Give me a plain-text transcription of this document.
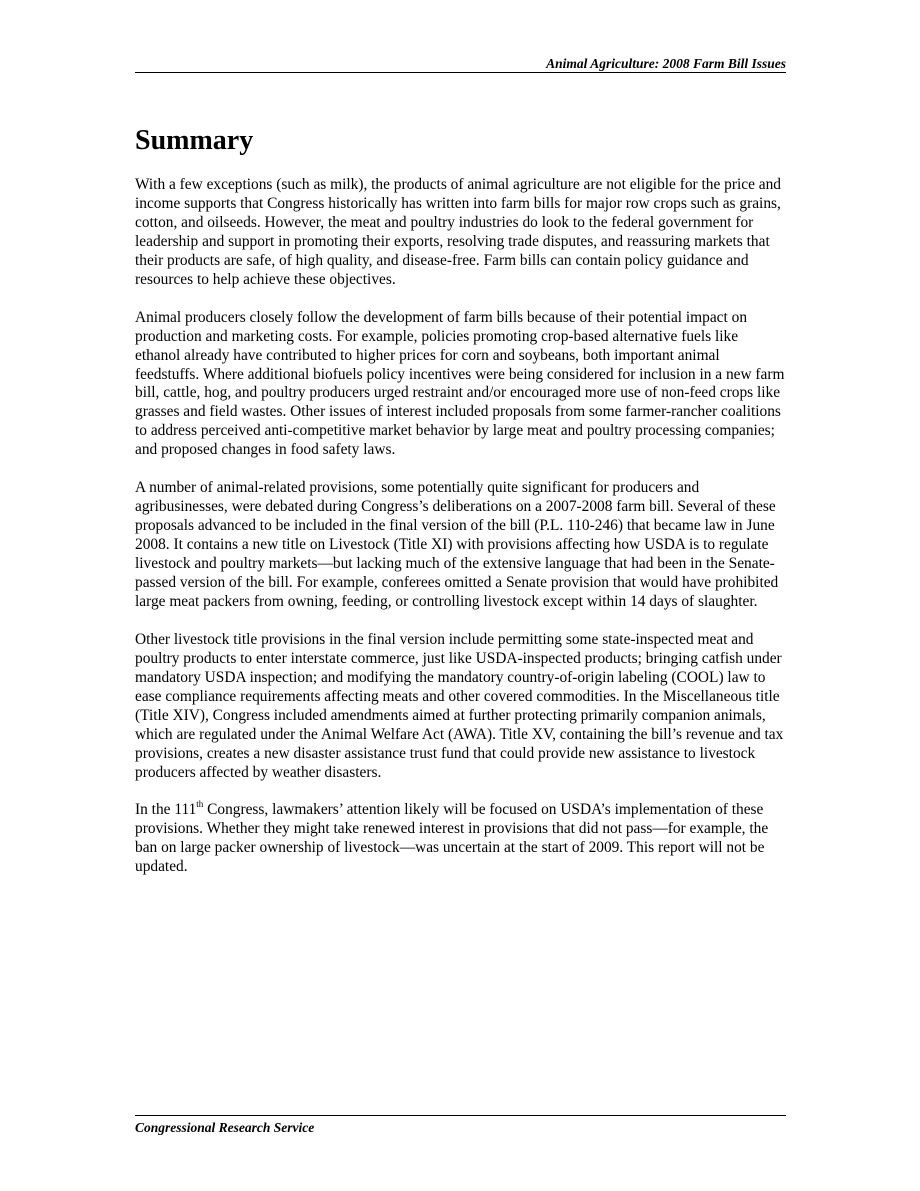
Animal Agriculture: 2008 Farm Bill Issues
Summary

With a few exceptions (such as milk), the products of animal agriculture are not eligible for the price and income supports that Congress historically has written into farm bills for major row crops such as grains, cotton, and oilseeds. However, the meat and poultry industries do look to the federal government for leadership and support in promoting their exports, resolving trade disputes, and reassuring markets that their products are safe, of high quality, and disease-free. Farm bills can contain policy guidance and resources to help achieve these objectives.

Animal producers closely follow the development of farm bills because of their potential impact on production and marketing costs. For example, policies promoting crop-based alternative fuels like ethanol already have contributed to higher prices for corn and soybeans, both important animal feedstuffs. Where additional biofuels policy incentives were being considered for inclusion in a new farm bill, cattle, hog, and poultry producers urged restraint and/or encouraged more use of non-feed crops like grasses and field wastes. Other issues of interest included proposals from some farmer-rancher coalitions to address perceived anti-competitive market behavior by large meat and poultry processing companies; and proposed changes in food safety laws.

A number of animal-related provisions, some potentially quite significant for producers and agribusinesses, were debated during Congress’s deliberations on a 2007-2008 farm bill. Several of these proposals advanced to be included in the final version of the bill (P.L. 110-246) that became law in June 2008. It contains a new title on Livestock (Title XI) with provisions affecting how USDA is to regulate livestock and poultry markets—but lacking much of the extensive language that had been in the Senate-passed version of the bill. For example, conferees omitted a Senate provision that would have prohibited large meat packers from owning, feeding, or controlling livestock except within 14 days of slaughter.

Other livestock title provisions in the final version include permitting some state-inspected meat and poultry products to enter interstate commerce, just like USDA-inspected products; bringing catfish under mandatory USDA inspection; and modifying the mandatory country-of-origin labeling (COOL) law to ease compliance requirements affecting meats and other covered commodities. In the Miscellaneous title (Title XIV), Congress included amendments aimed at further protecting primarily companion animals, which are regulated under the Animal Welfare Act (AWA). Title XV, containing the bill’s revenue and tax provisions, creates a new disaster assistance trust fund that could provide new assistance to livestock producers affected by weather disasters.

In the 111th Congress, lawmakers’ attention likely will be focused on USDA’s implementation of these provisions. Whether they might take renewed interest in provisions that did not pass—for example, the ban on large packer ownership of livestock—was uncertain at the start of 2009. This report will not be updated.

Congressional Research Service
